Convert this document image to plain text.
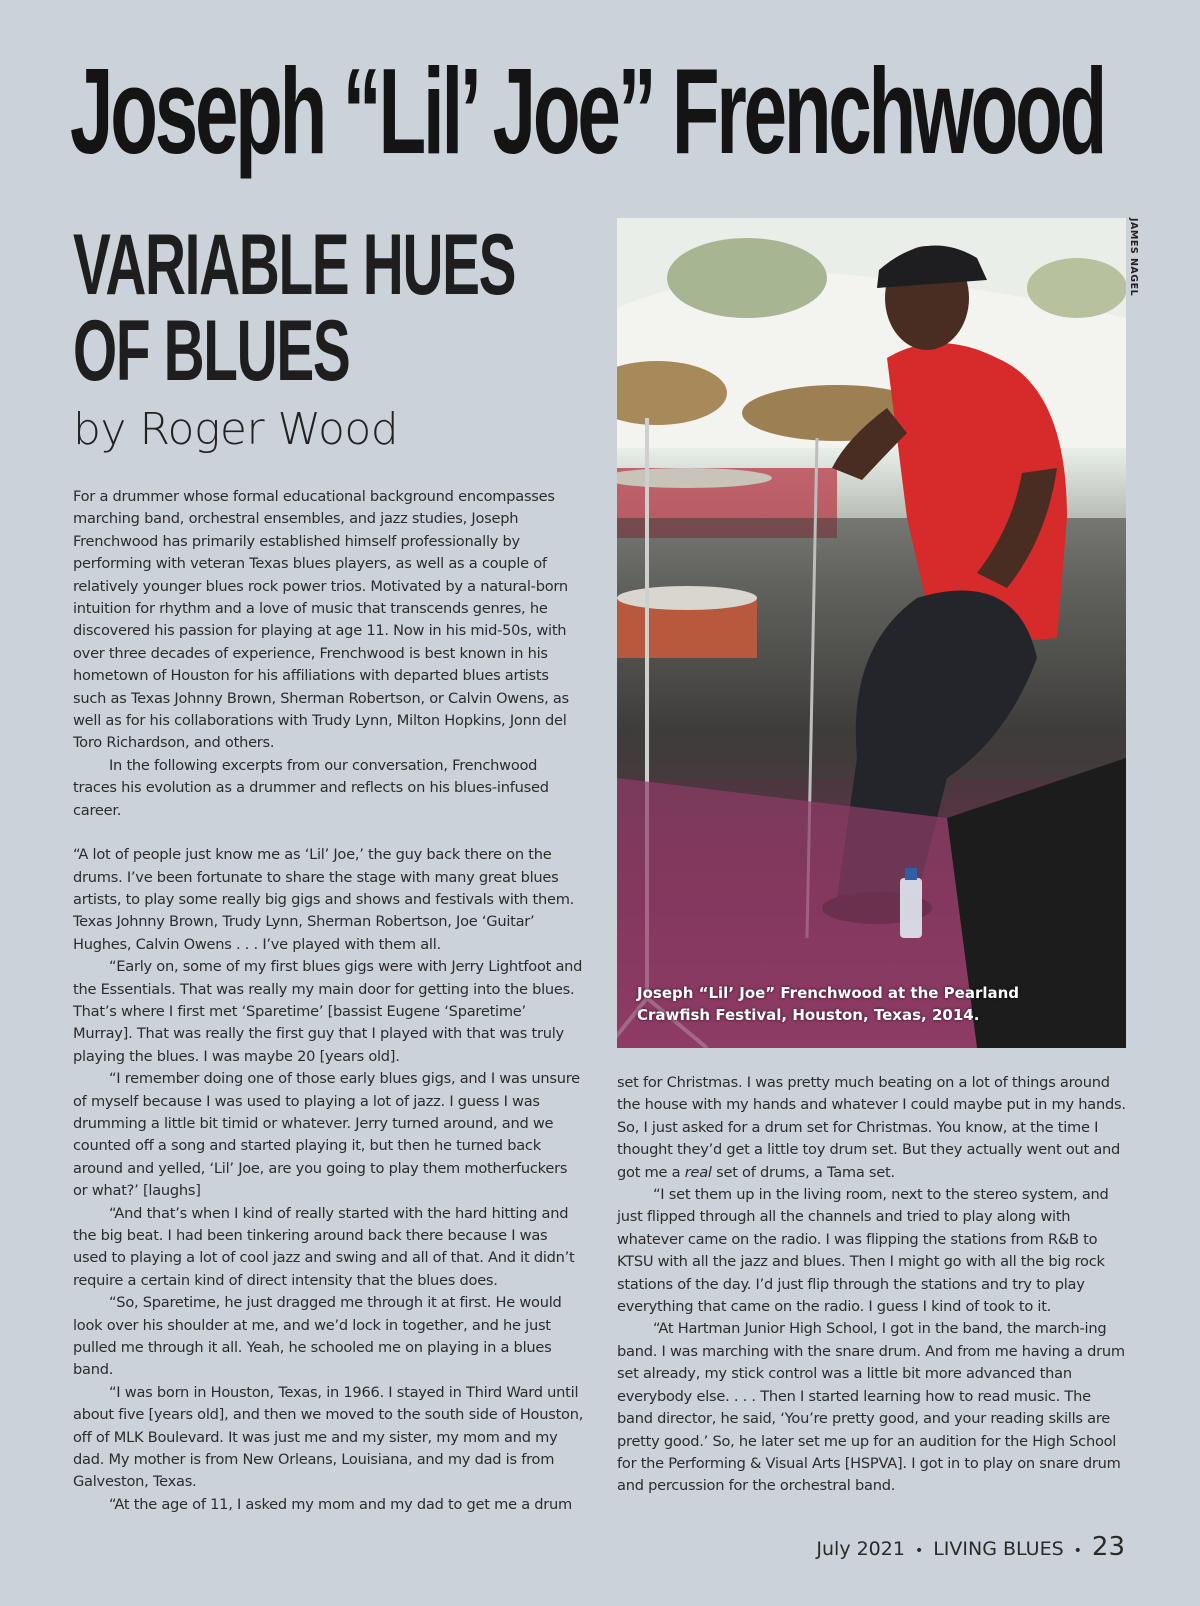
Joseph “Lil’ Joe” Frenchwood
VARIABLE HUES
OF BLUES
by Roger Wood

For a drummer whose formal educational background encompasses marching band, orchestral ensembles, and jazz studies, Joseph Frenchwood has primarily established himself professionally by performing with veteran Texas blues players, as well as a couple of relatively younger blues rock power trios. Motivated by a natural-born intuition for rhythm and a love of music that transcends genres, he discovered his passion for playing at age 11. Now in his mid-50s, with over three decades of experience, Frenchwood is best known in his hometown of Houston for his affiliations with departed blues artists such as Texas Johnny Brown, Sherman Robertson, or Calvin Owens, as well as for his collaborations with Trudy Lynn, Milton Hopkins, Jonn del Toro Richardson, and others.

In the following excerpts from our conversation, Frenchwood traces his evolution as a drummer and reflects on his blues-infused career.

“A lot of people just know me as ‘Lil’ Joe,’ the guy back there on the drums. I’ve been fortunate to share the stage with many great blues artists, to play some really big gigs and shows and festivals with them. Texas Johnny Brown, Trudy Lynn, Sherman Robertson, Joe ‘Guitar’ Hughes, Calvin Owens . . . I’ve played with them all.

“Early on, some of my first blues gigs were with Jerry Lightfoot and the Essentials. That was really my main door for getting into the blues. That’s where I first met ‘Sparetime’ [bassist Eugene ‘Sparetime’ Murray]. That was really the first guy that I played with that was truly playing the blues. I was maybe 20 [years old].

“I remember doing one of those early blues gigs, and I was unsure of myself because I was used to playing a lot of jazz. I guess I was drumming a little bit timid or whatever. Jerry turned around, and we counted off a song and started playing it, but then he turned back around and yelled, ‘Lil’ Joe, are you going to play them motherfuckers or what?’ [laughs]

“And that’s when I kind of really started with the hard hitting and the big beat. I had been tinkering around back there because I was used to playing a lot of cool jazz and swing and all of that. And it didn’t require a certain kind of direct intensity that the blues does.

“So, Sparetime, he just dragged me through it at first. He would look over his shoulder at me, and we’d lock in together, and he just pulled me through it all. Yeah, he schooled me on playing in a blues band.

“I was born in Houston, Texas, in 1966. I stayed in Third Ward until about five [years old], and then we moved to the south side of Houston, off of MLK Boulevard. It was just me and my sister, my mom and my dad. My mother is from New Orleans, Louisiana, and my dad is from Galveston, Texas.

“At the age of 11, I asked my mom and my dad to get me a drum

Joseph “Lil’ Joe” Frenchwood at the Pearland Crawfish Festival, Houston, Texas, 2014.
JAMES NAGEL

set for Christmas. I was pretty much beating on a lot of things around the house with my hands and whatever I could maybe put in my hands. So, I just asked for a drum set for Christmas. You know, at the time I thought they’d get a little toy drum set. But they actually went out and got me a real set of drums, a Tama set.

“I set them up in the living room, next to the stereo system, and just flipped through all the channels and tried to play along with whatever came on the radio. I was flipping the stations from R&B to KTSU with all the jazz and blues. Then I might go with all the big rock stations of the day. I’d just flip through the stations and try to play everything that came on the radio. I guess I kind of took to it.

“At Hartman Junior High School, I got in the band, the march-ing band. I was marching with the snare drum. And from me having a drum set already, my stick control was a little bit more advanced than everybody else. . . . Then I started learning how to read music. The band director, he said, ‘You’re pretty good, and your reading skills are pretty good.’ So, he later set me up for an audition for the High School for the Performing & Visual Arts [HSPVA]. I got in to play on snare drum and percussion for the orchestral band.

July 2021 • LIVING BLUES • 23
